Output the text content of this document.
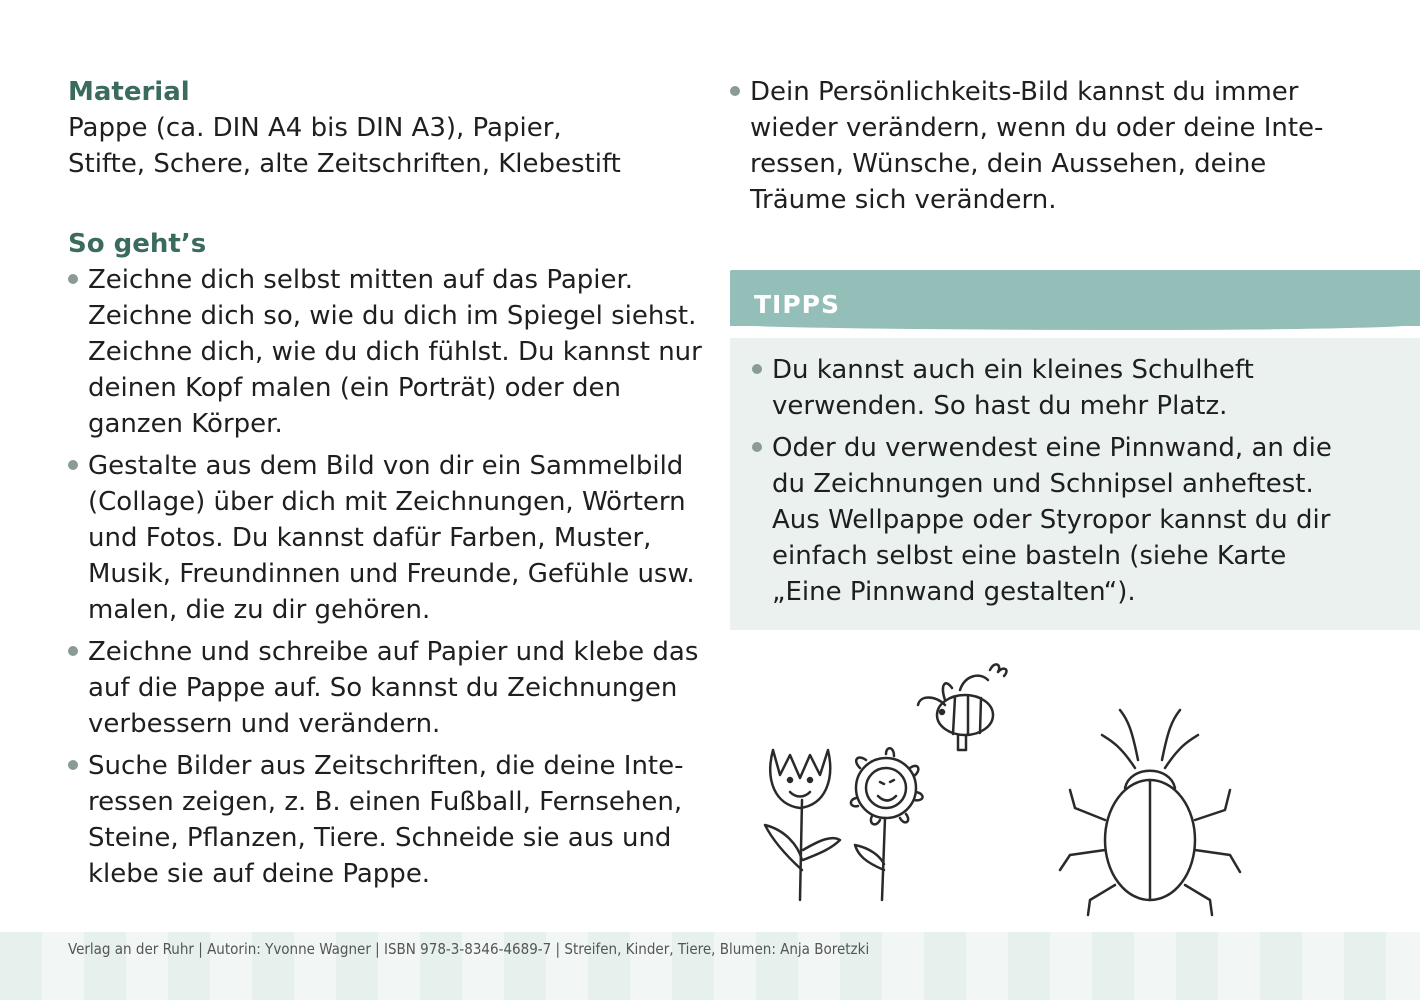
Material
Pappe (ca. DIN A4 bis DIN A3), Papier,
Stifte, Schere, alte Zeitschriften, Klebestift
So geht’s
Zeichne dich selbst mitten auf das Papier.
Zeichne dich so, wie du dich im Spiegel siehst.
Zeichne dich, wie du dich fühlst. Du kannst nur
deinen Kopf malen (ein Porträt) oder den
ganzen Körper.
Gestalte aus dem Bild von dir ein Sammelbild
(Collage) über dich mit Zeichnungen, Wörtern
und Fotos. Du kannst dafür Farben, Muster,
Musik, Freundinnen und Freunde, Gefühle usw.
malen, die zu dir gehören.
Zeichne und schreibe auf Papier und klebe das
auf die Pappe auf. So kannst du Zeichnungen
verbessern und verändern.
Suche Bilder aus Zeitschriften, die deine Inte-
ressen zeigen, z. B. einen Fußball, Fernsehen,
Steine, Pflanzen, Tiere. Schneide sie aus und
klebe sie auf deine Pappe.
Dein Persönlichkeits-Bild kannst du immer
wieder verändern, wenn du oder deine Inte-
ressen, Wünsche, dein Aussehen, deine
Träume sich verändern.
TIPPS
Du kannst auch ein kleines Schulheft
verwenden. So hast du mehr Platz.
Oder du verwendest eine Pinnwand, an die
du Zeichnungen und Schnipsel anheftest.
Aus Wellpappe oder Styropor kannst du dir
einfach selbst eine basteln (siehe Karte
„Eine Pinnwand gestalten“).
Verlag an der Ruhr | Autorin: Yvonne Wagner | ISBN 978-3-8346-4689-7 | Streifen, Kinder, Tiere, Blumen: Anja Boretzki
